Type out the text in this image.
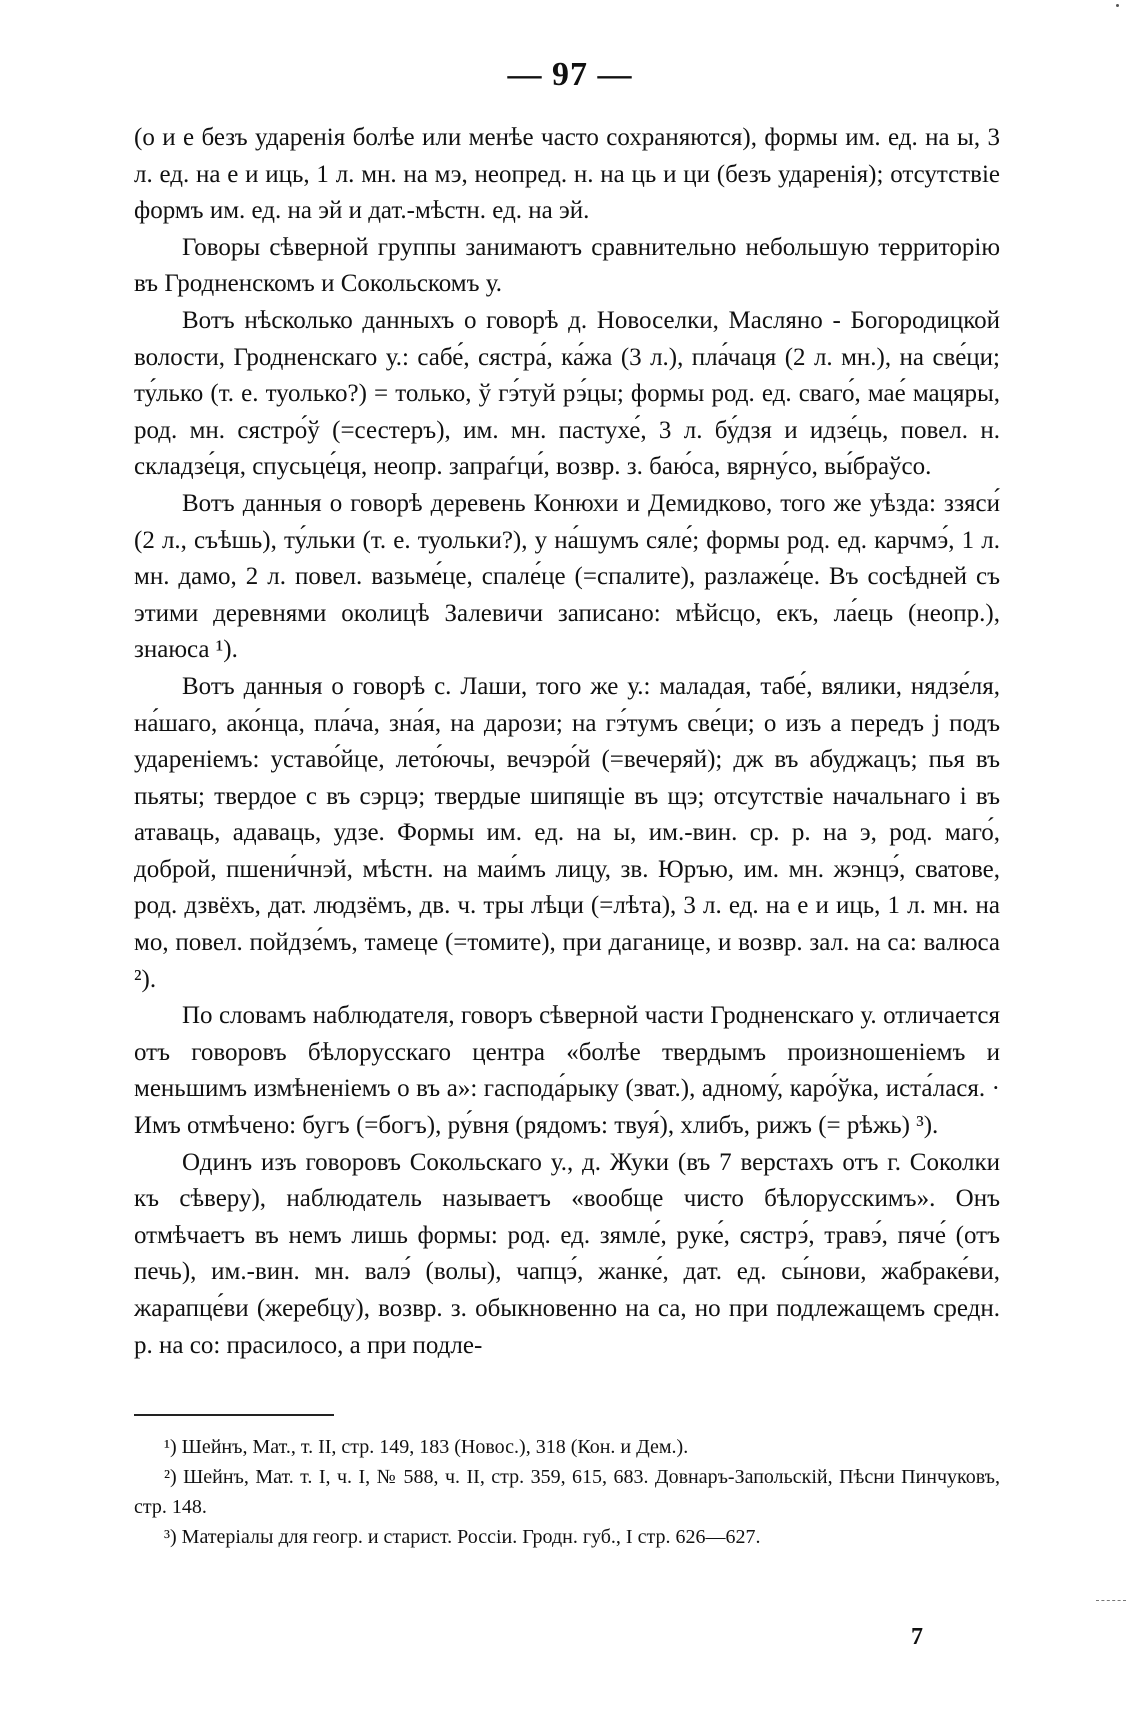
— 97 —

(о и е безъ ударенія болѣе или менѣе часто сохраняются), формы им. ед. на ы, 3 л. ед. на е и иць, 1 л. мн. на мэ, неопред. н. на ць и ци (безъ ударенія); отсутствіе формъ им. ед. на эй и дат.-мѣстн. ед. на эй.

Говоры сѣверной группы занимаютъ сравнительно небольшую территорію въ Гродненскомъ и Сокольскомъ у.

Вотъ нѣсколько данныхъ о говорѣ д. Новоселки, Масляно - Богородицкой волости, Гродненскаго у.: сабе́, сястра́, ка́жа (3 л.), пла́чаця (2 л. мн.), на све́ци; ту́лько (т. е. туолько?) = только, ў гэ́туй рэ́цы; формы род. ед. сваго́, мае́ мацяры, род. мн. сястро́ў (=сестеръ), им. мн. пастухе́, 3 л. бу́дзя и идзе́ць, повел. н. складзе́ця, спусьце́ця, неопр. запраѓци́, возвр. з. баю́са, вярну́со, вы́браўсо.

Вотъ данныя о говорѣ деревень Конюхи и Демидково, того же уѣзда: ззяси́ (2 л., съѣшь), ту́льки (т. е. туольки?), у на́шумъ сяле́; формы род. ед. карчмэ́, 1 л. мн. дамо, 2 л. повел. вазьме́це, спале́це (=спалите), разлаже́це. Въ сосѣдней съ этими деревнями околицѣ Залевичи записано: мѣйсцо, екъ, ла́ець (неопр.), знаюса ¹).

Вотъ данныя о говорѣ с. Лаши, того же у.: маладая, табе́, вялики, нядзе́ля, на́шаго, ако́нца, пла́ча, зна́я, на дарози; на гэ́тумъ све́ци; о изъ а передъ j подъ удареніемъ: уставо́йце, лето́ючы, вечэро́й (=вечеряй); дж въ абуджацъ; пья въ пьяты; твердое с въ сэрцэ; твердые шипящіе въ щэ; отсутствіе начальнаго і въ атаваць, адаваць, удзе. Формы им. ед. на ы, им.-вин. ср. р. на э, род. маго́, доброй, пшени́чнэй, мѣстн. на маи́мъ лицу, зв. Юръю, им. мн. жэнцэ́, сватове, род. дзвёхъ, дат. людзёмъ, дв. ч. тры лѣци (=лѣта), 3 л. ед. на е и иць, 1 л. мн. на мо, повел. пойдзе́мъ, тамеце (=томите), при даганице, и возвр. зал. на са: валюса ²).

По словамъ наблюдателя, говоръ сѣверной части Гродненскаго у. отличается отъ говоровъ бѣлорусскаго центра «болѣе твердымъ произношеніемъ и меньшимъ измѣненіемъ о въ а»: гаспода́рыку (зват.), адному́, каро́ўка, иста́лася. · Имъ отмѣчено: бугъ (=богъ), ру́вня (рядомъ: твуя́), хлибъ, рижъ (= рѣжь) ³).

Одинъ изъ говоровъ Сокольскаго у., д. Жуки (въ 7 верстахъ отъ г. Соколки къ сѣверу), наблюдатель называетъ «вообще чисто бѣлорусскимъ». Онъ отмѣчаетъ въ немъ лишь формы: род. ед. зямле́, руке́, сястрэ́, травэ́, пяче́ (отъ печь), им.-вин. мн. валэ́ (волы), чапцэ́, жанке́, дат. ед. сы́нови, жабраке́ви, жарапце́ви (жеребцу), возвр. з. обыкновенно на са, но при подлежащемъ средн. р. на со: прасилосо, а при подле-

¹) Шейнъ, Мат., т. II, стр. 149, 183 (Новос.), 318 (Кон. и Дем.).

²) Шейнъ, Мат. т. I, ч. I, № 588, ч. II, стр. 359, 615, 683. Довнаръ-Запольскій, Пѣсни Пинчуковъ, стр. 148.

³) Матеріалы для геогр. и старист. Россіи. Гродн. губ., I стр. 626—627.

7
